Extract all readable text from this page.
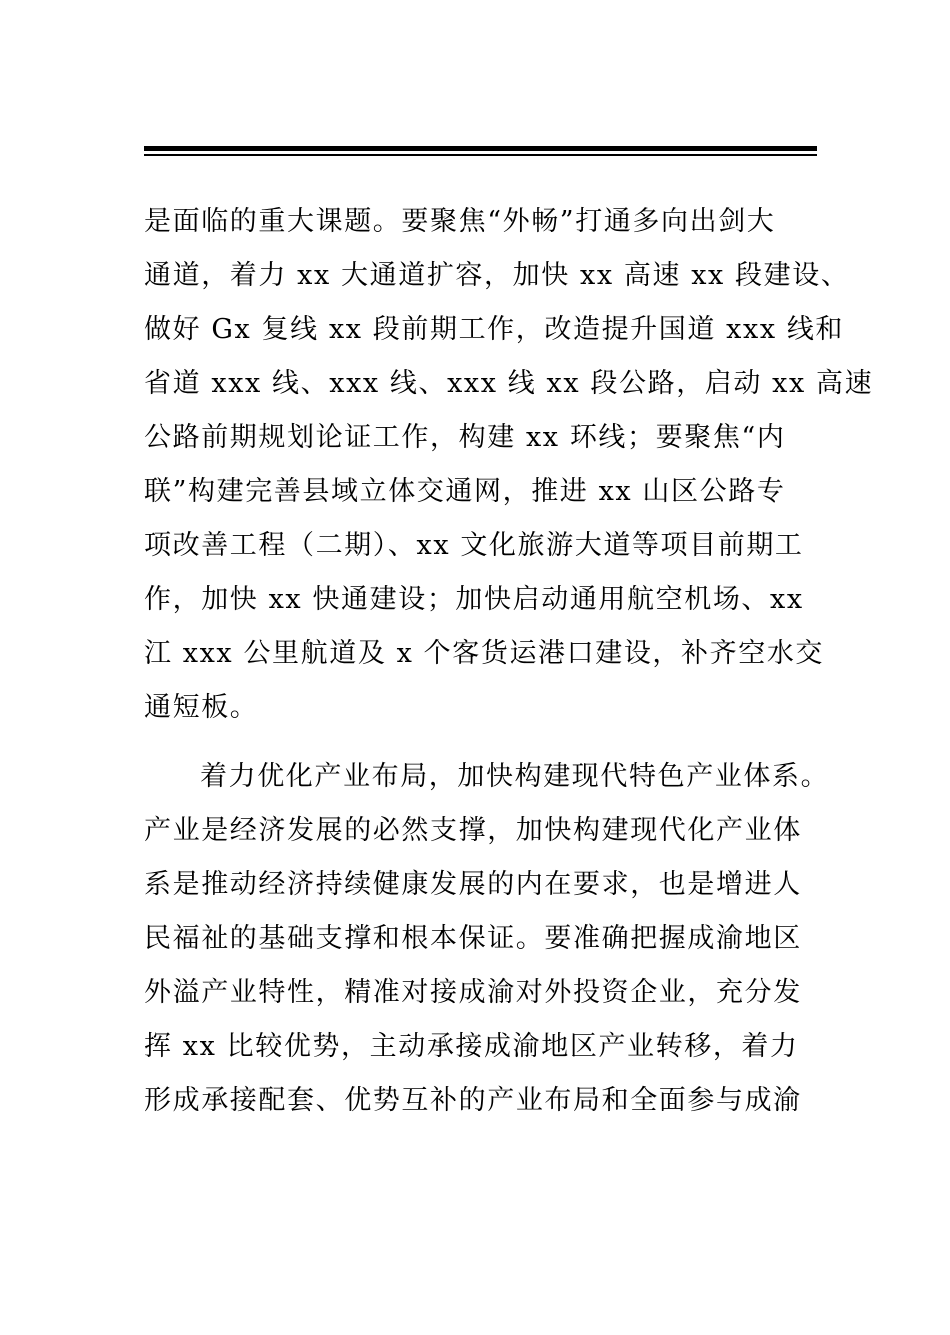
是面临的重大课题。要聚焦“外畅”打通多向出剑大
通道，着力 xx 大通道扩容，加快 xx 高速 xx 段建设、
做好 Gx 复线 xx 段前期工作，改造提升国道 xxx 线和
省道 xxx 线、xxx 线、xxx 线 xx 段公路，启动 xx 高速
公路前期规划论证工作，构建 xx 环线；要聚焦“内
联”构建完善县域立体交通网，推进 xx 山区公路专
项改善工程（二期）、xx 文化旅游大道等项目前期工
作，加快 xx 快通建设；加快启动通用航空机场、xx
江 xxx 公里航道及 x 个客货运港口建设，补齐空水交
通短板。
着力优化产业布局，加快构建现代特色产业体系。
产业是经济发展的必然支撑，加快构建现代化产业体
系是推动经济持续健康发展的内在要求，也是增进人
民福祉的基础支撑和根本保证。要准确把握成渝地区
外溢产业特性，精准对接成渝对外投资企业，充分发
挥 xx 比较优势，主动承接成渝地区产业转移，着力
形成承接配套、优势互补的产业布局和全面参与成渝
